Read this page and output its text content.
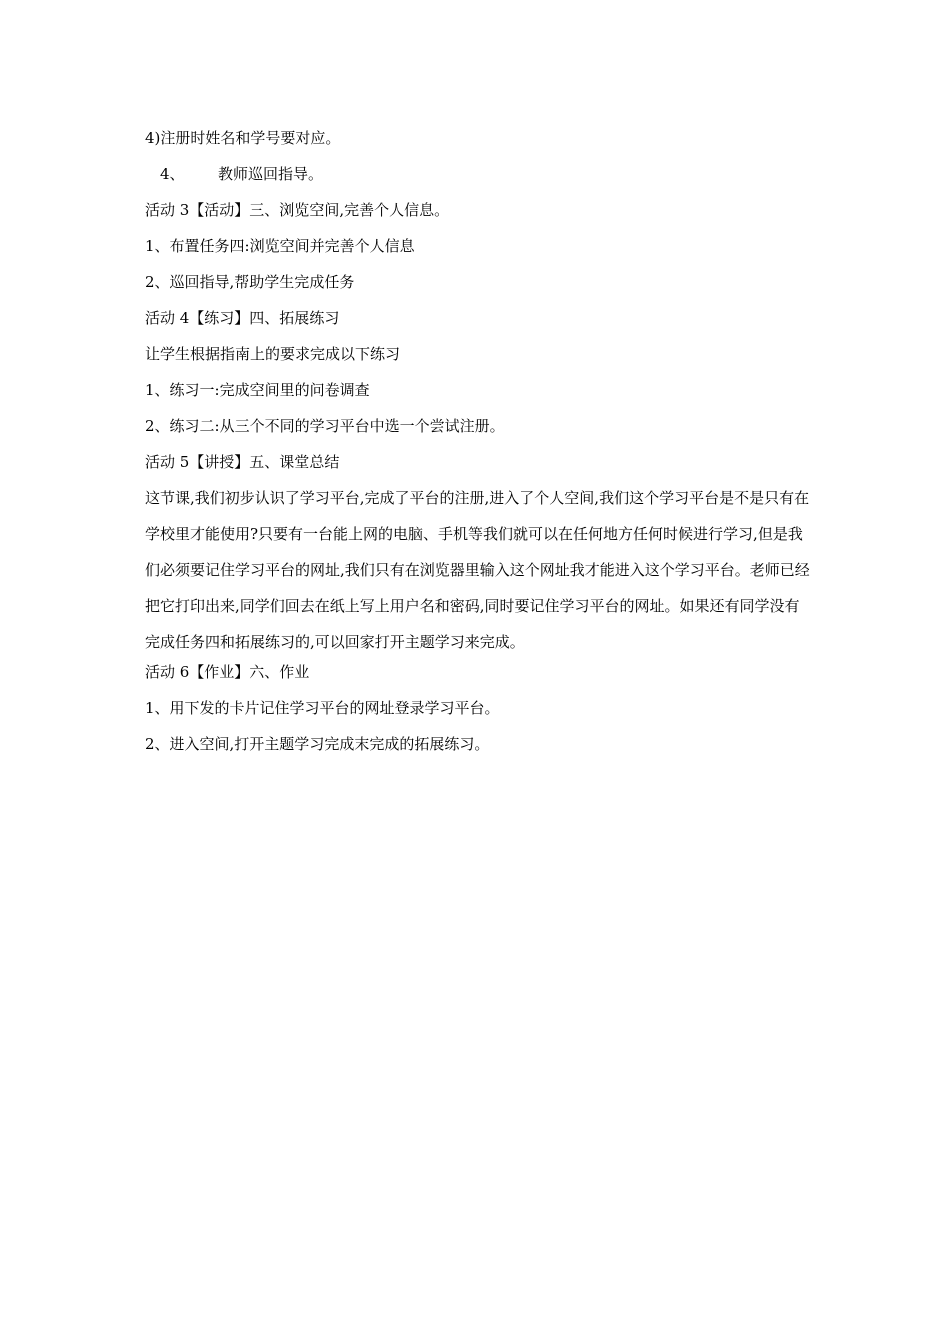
4)注册时姓名和学号要对应。
4、 教师巡回指导。
活动 3【活动】三、浏览空间,完善个人信息。
1、布置任务四:浏览空间并完善个人信息
2、巡回指导,帮助学生完成任务
活动 4【练习】四、拓展练习
让学生根据指南上的要求完成以下练习
1、练习一:完成空间里的问卷调查
2、练习二:从三个不同的学习平台中选一个尝试注册。
活动 5【讲授】五、课堂总结
这节课,我们初步认识了学习平台,完成了平台的注册,进入了个人空间,我们这个学习平台是不是只有在学校里才能使用?只要有一台能上网的电脑、手机等我们就可以在任何地方任何时候进行学习,但是我们必须要记住学习平台的网址,我们只有在浏览器里输入这个网址我才能进入这个学习平台。老师已经把它打印出来,同学们回去在纸上写上用户名和密码,同时要记住学习平台的网址。如果还有同学没有完成任务四和拓展练习的,可以回家打开主题学习来完成。
活动 6【作业】六、作业
1、用下发的卡片记住学习平台的网址登录学习平台。
2、进入空间,打开主题学习完成末完成的拓展练习。
